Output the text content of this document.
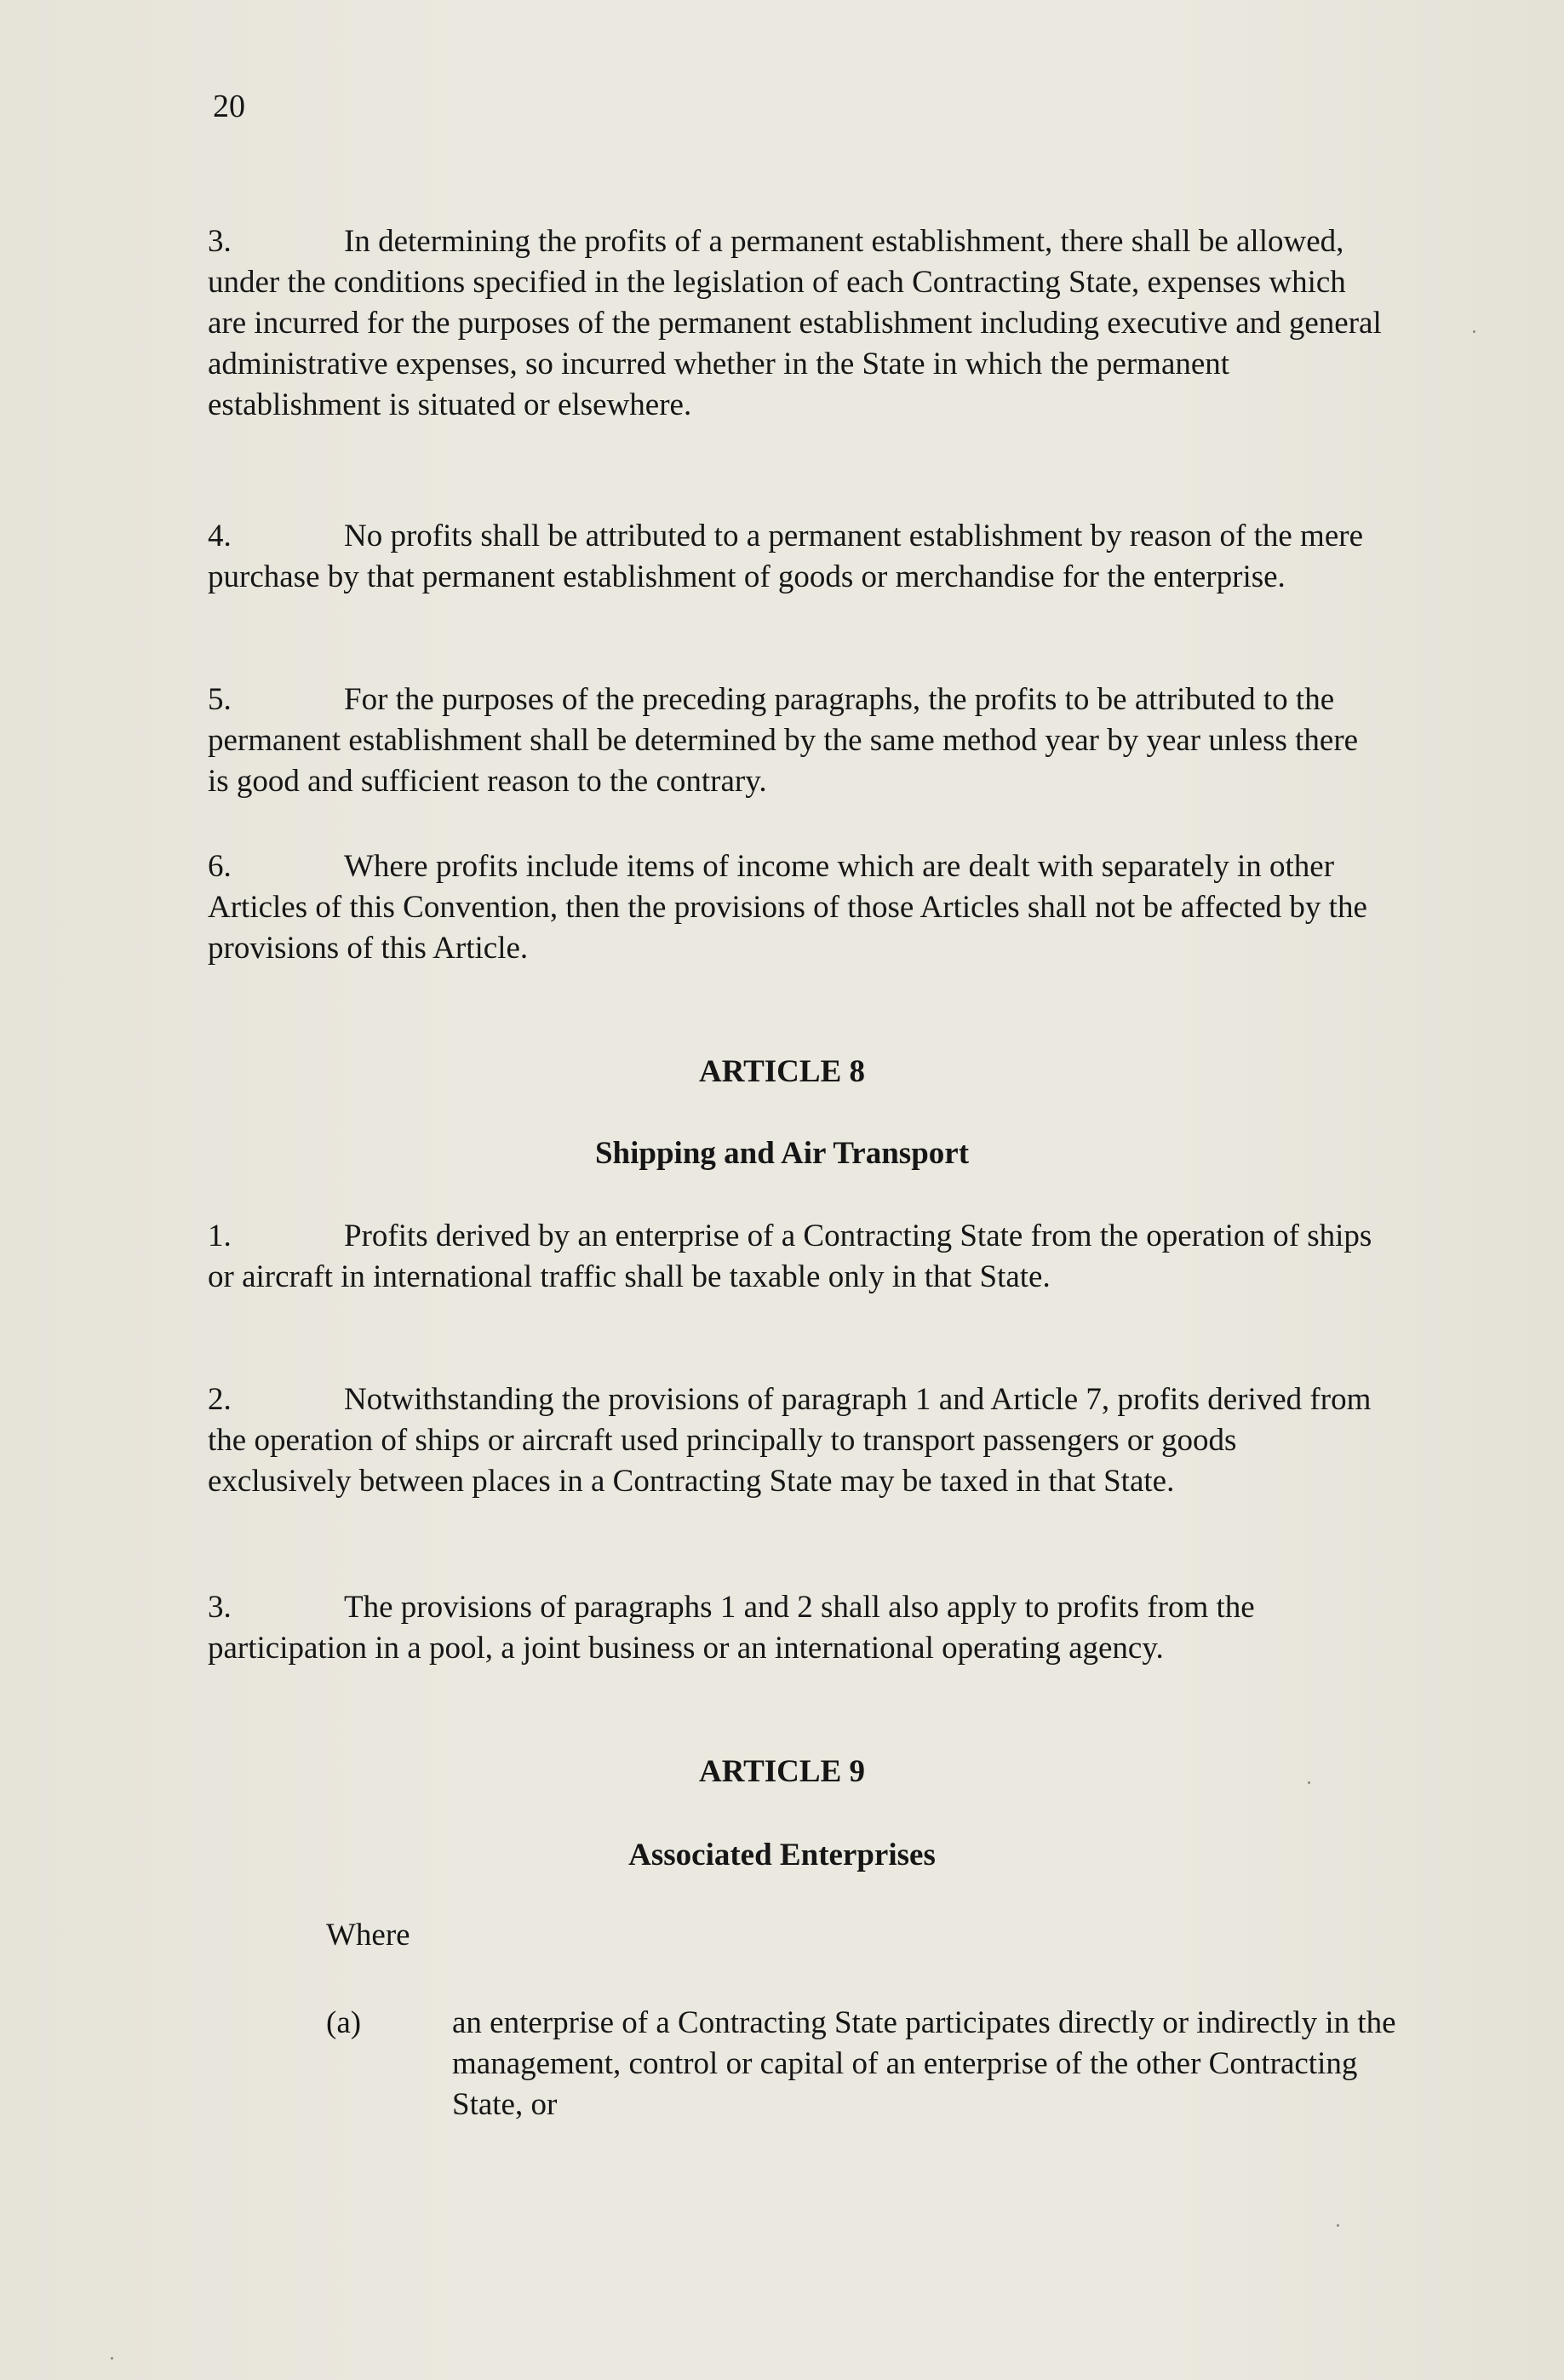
20

3.	In determining the profits of a permanent establishment, there shall be allowed, under the conditions specified in the legislation of each Contracting State, expenses which are incurred for the purposes of the permanent establishment including executive and general administrative expenses, so incurred whether in the State in which the permanent establishment is situated or elsewhere.

4.	No profits shall be attributed to a permanent establishment by reason of the mere purchase by that permanent establishment of goods or merchandise for the enterprise.

5.	For the purposes of the preceding paragraphs, the profits to be attributed to the permanent establishment shall be determined by the same method year by year unless there is good and sufficient reason to the contrary.

6.	Where profits include items of income which are dealt with separately in other Articles of this Convention, then the provisions of those Articles shall not be affected by the provisions of this Article.

ARTICLE 8
Shipping and Air Transport

1.	Profits derived by an enterprise of a Contracting State from the operation of ships or aircraft in international traffic shall be taxable only in that State.

2.	Notwithstanding the provisions of paragraph 1 and Article 7, profits derived from the operation of ships or aircraft used principally to transport passengers or goods exclusively between places in a Contracting State may be taxed in that State.

3.	The provisions of paragraphs 1 and 2 shall also apply to profits from the participation in a pool, a joint business or an international operating agency.

ARTICLE 9
Associated Enterprises
Where
(a)	an enterprise of a Contracting State participates directly or indirectly in the management, control or capital of an enterprise of the other Contracting State, or
